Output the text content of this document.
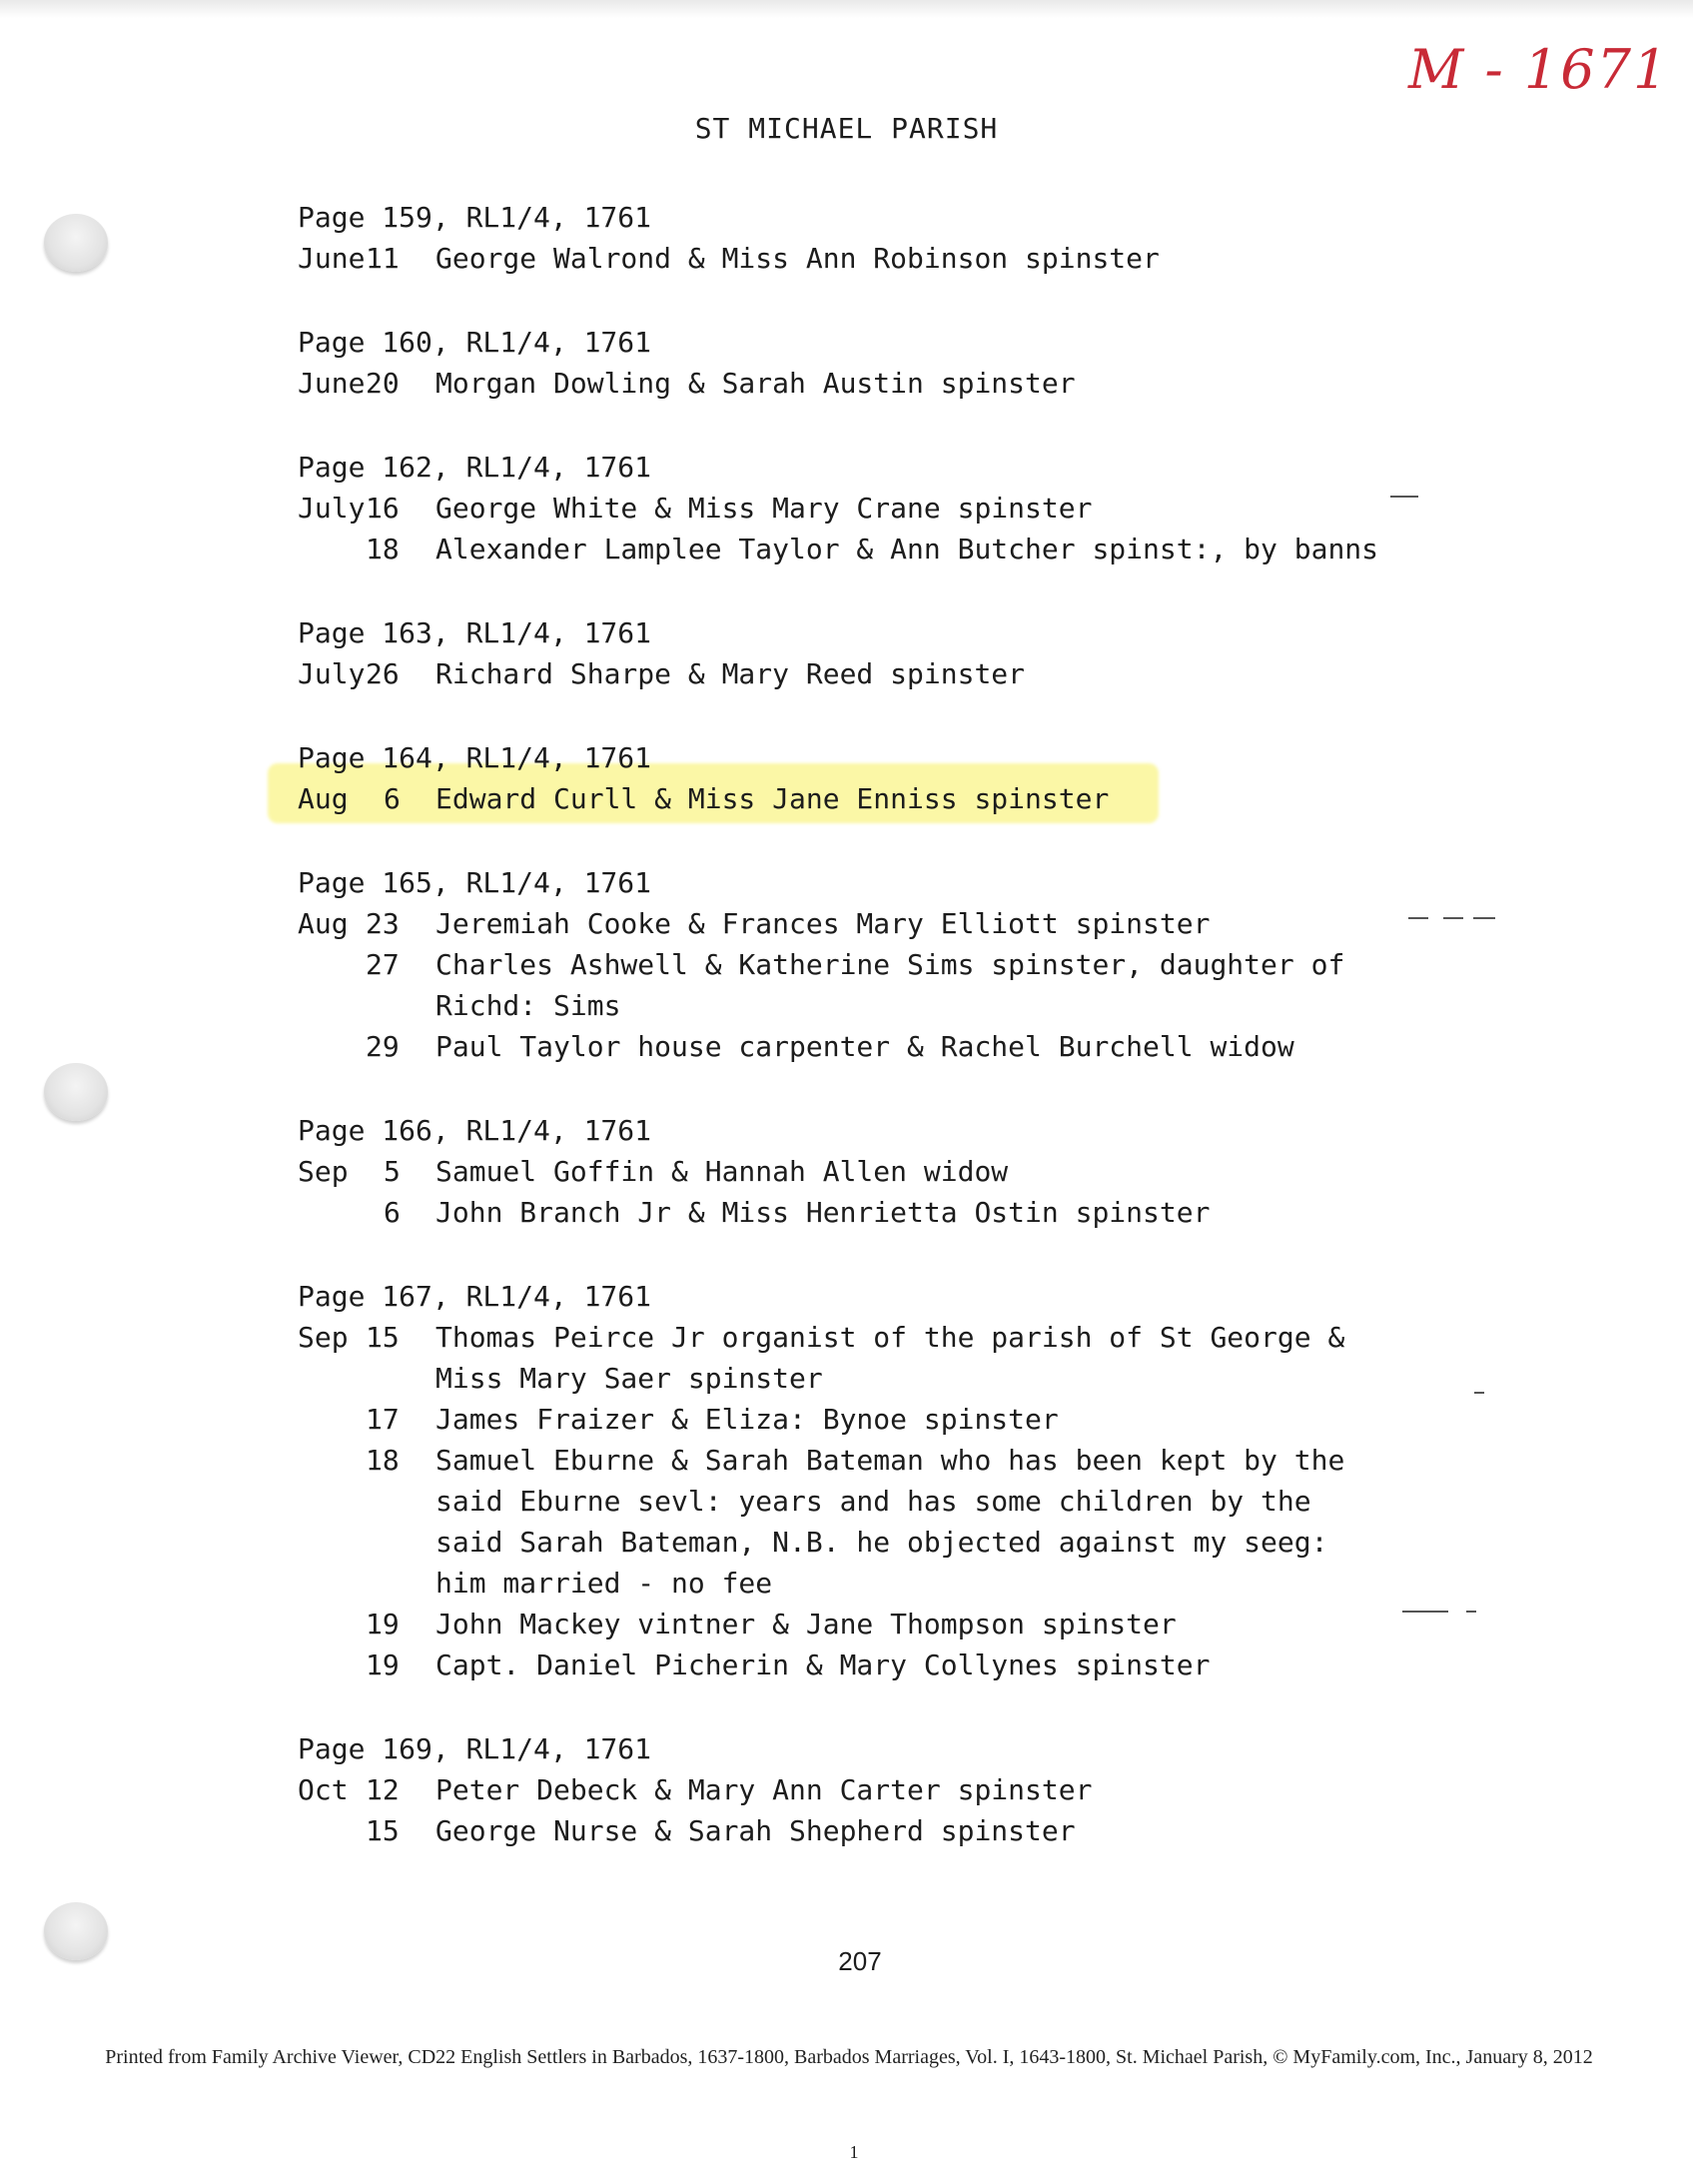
M - 1671
ST MICHAEL PARISH
Page 159, RL1/4, 1761
June 11 George Walrond & Miss Ann Robinson spinster
Page 160, RL1/4, 1761
June 20 Morgan Dowling & Sarah Austin spinster
Page 162, RL1/4, 1761
July 16 George White & Miss Mary Crane spinster
18 Alexander Lamplee Taylor & Ann Butcher spinst:, by banns
Page 163, RL1/4, 1761
July 26 Richard Sharpe & Mary Reed spinster
Page 164, RL1/4, 1761
Aug 6 Edward Curll & Miss Jane Enniss spinster
Page 165, RL1/4, 1761
Aug 23 Jeremiah Cooke & Frances Mary Elliott spinster
27 Charles Ashwell & Katherine Sims spinster, daughter of
Richd: Sims
29 Paul Taylor house carpenter & Rachel Burchell widow
Page 166, RL1/4, 1761
Sep 5 Samuel Goffin & Hannah Allen widow
6 John Branch Jr & Miss Henrietta Ostin spinster
Page 167, RL1/4, 1761
Sep 15 Thomas Peirce Jr organist of the parish of St George &
Miss Mary Saer spinster
17 James Fraizer & Eliza: Bynoe spinster
18 Samuel Eburne & Sarah Bateman who has been kept by the
said Eburne sevl: years and has some children by the
said Sarah Bateman, N.B. he objected against my seeg:
him married - no fee
19 John Mackey vintner & Jane Thompson spinster
19 Capt. Daniel Picherin & Mary Collynes spinster
Page 169, RL1/4, 1761
Oct 12 Peter Debeck & Mary Ann Carter spinster
15 George Nurse & Sarah Shepherd spinster
207
Printed from Family Archive Viewer, CD22 English Settlers in Barbados, 1637-1800, Barbados Marriages, Vol. I, 1643-1800, St. Michael Parish, © MyFamily.com, Inc., January 8, 2012
1
